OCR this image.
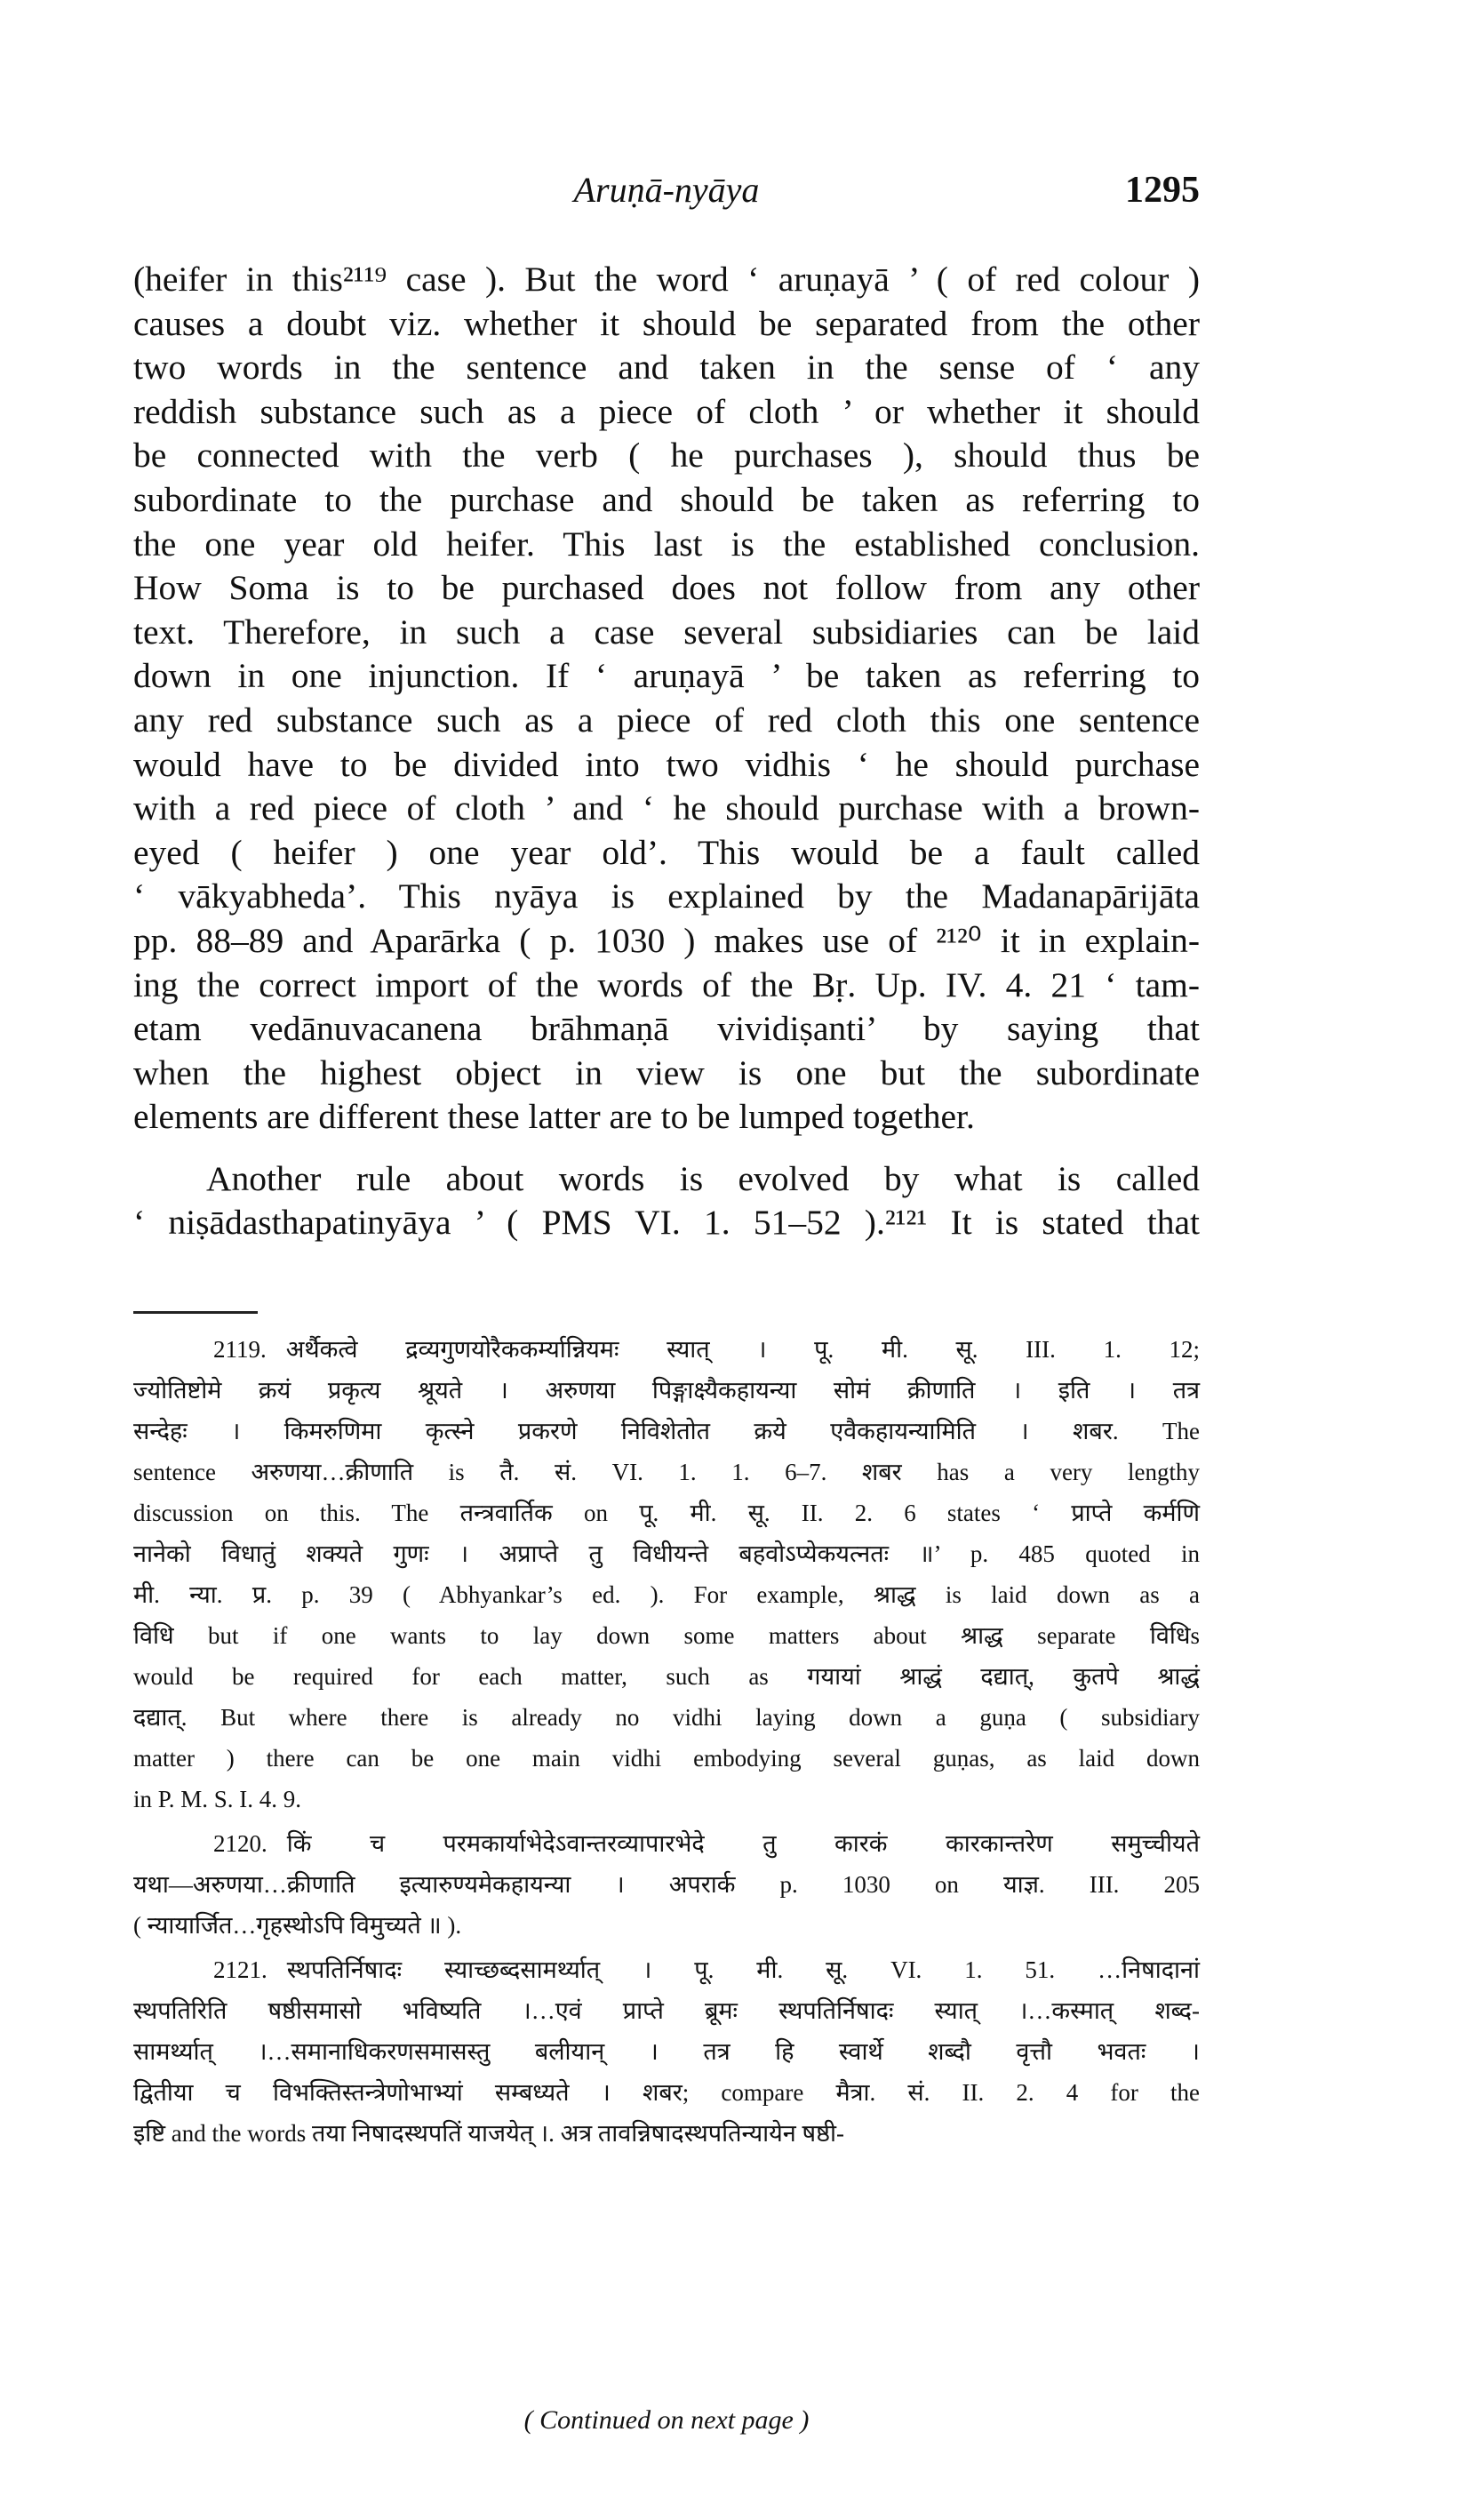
Aruṇā-nyāya	1295

(heifer in this²¹¹⁹ case ). But the word ‘ aruṇayā ’ ( of red colour )

causes a doubt viz. whether it should be separated from the other

two words in the sentence and taken in the sense of ‘ any

reddish substance such as a piece of cloth ’ or whether it should

be connected with the verb ( he purchases ), should thus be

subordinate to the purchase and should be taken as referring to

the one year old heifer. This last is the established conclusion.

How Soma is to be purchased does not follow from any other

text. Therefore, in such a case several subsidiaries can be laid

down in one injunction. If ‘ aruṇayā ’ be taken as referring to

any red substance such as a piece of red cloth this one sentence

would have to be divided into two vidhis ‘ he should purchase

with a red piece of cloth ’ and ‘ he should purchase with a brown-

eyed ( heifer ) one year old’. This would be a fault called

‘ vākyabheda’. This nyāya is explained by the Madanapārijāta

pp. 88–89 and Aparārka ( p. 1030 ) makes use of ²¹²⁰ it in explain-

ing the correct import of the words of the Bṛ. Up. IV. 4. 21 ‘ tam-

etam vedānuvacanena brāhmaṇā vividiṣanti’ by saying that

when the highest object in view is one but the subordinate

elements are different these latter are to be lumped together.

Another rule about words is evolved by what is called

‘ niṣādasthapatinyāya ’ ( PMS VI. 1. 51–52 ).²¹²¹ It is stated that

2119. अर्थैकत्वे द्रव्यगुणयोरैककर्म्यान्नियमः स्यात् । पू. मी. सू. III. 1. 12;

ज्योतिष्टोमे क्रयं प्रकृत्य श्रूयते । अरुणया पिङ्गाक्ष्यैकहायन्या सोमं क्रीणाति । इति । तत्र

सन्देहः । किमरुणिमा कृत्स्ने प्रकरणे निविशेतोत क्रये एवैकहायन्यामिति । शबर. The

sentence अरुणया…क्रीणाति is तै. सं. VI. 1. 1. 6–7. शबर has a very lengthy

discussion on this. The तन्त्रवार्तिक on पू. मी. सू. II. 2. 6 states ‘ प्राप्ते कर्मणि

नानेको विधातुं शक्यते गुणः । अप्राप्ते तु विधीयन्ते बहवोऽप्येकयत्नतः ॥’ p. 485 quoted in

मी. न्या. प्र. p. 39 ( Abhyankar’s ed. ). For example, श्राद्ध is laid down as a

विधि but if one wants to lay down some matters about श्राद्ध separate विधिs

would be required for each matter, such as गयायां श्राद्धं दद्यात्, कुतपे श्राद्धं

दद्यात्. But where there is already no vidhi laying down a guṇa ( subsidiary

matter ) there can be one main vidhi embodying several guṇas, as laid down

in P. M. S. I. 4. 9.

2120. किं च परमकार्याभेदेऽवान्तरव्यापारभेदे तु कारकं कारकान्तरेण समुच्चीयते

यथा—अरुणया…क्रीणाति इत्यारुण्यमेकहायन्या । अपरार्क p. 1030 on याज्ञ. III. 205

( न्यायार्जित…गृहस्थोऽपि विमुच्यते ॥ ).

2121. स्थपतिर्निषादः स्याच्छब्दसामर्थ्यात् । पू. मी. सू. VI. 1. 51. …निषादानां

स्थपतिरिति षष्ठीसमासो भविष्यति ।…एवं प्राप्ते ब्रूमः स्थपतिर्निषादः स्यात् ।…कस्मात् शब्द-

सामर्थ्यात् ।…समानाधिकरणसमासस्तु बलीयान् । तत्र हि स्वार्थे शब्दौ वृत्तौ भवतः ।

द्वितीया च विभक्तिस्तन्त्रेणोभाभ्यां सम्बध्यते । शबर; compare मैत्रा. सं. II. 2. 4 for the

इष्टि and the words तया निषादस्थपतिं याजयेत् ।. अत्र तावन्निषादस्थपतिन्यायेन षष्ठी-

( Continued on next page )
